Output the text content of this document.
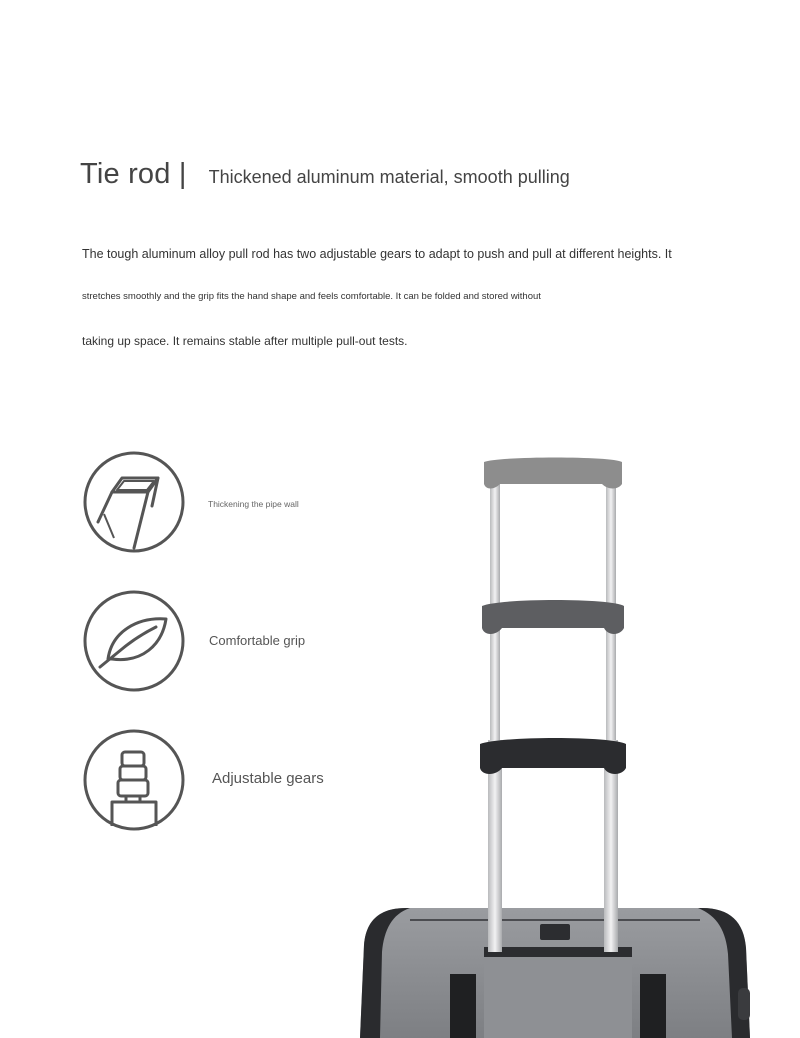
Tie rod | Thickened aluminum material, smooth pulling
The tough aluminum alloy pull rod has two adjustable gears to adapt to push and pull at different heights. It
stretches smoothly and the grip fits the hand shape and feels comfortable. It can be folded and stored without
taking up space. It remains stable after multiple pull-out tests.
Thickening the pipe wall
Comfortable grip
Adjustable gears
